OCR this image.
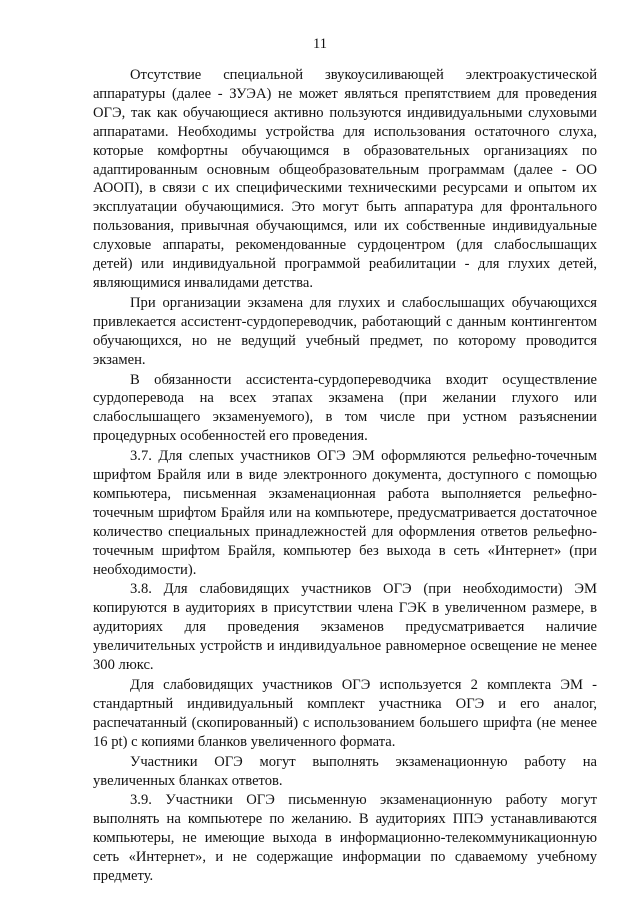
11

Отсутствие специальной звукоусиливающей электроакустической аппаратуры (далее - ЗУЭА) не может являться препятствием для проведения ОГЭ, так как обучающиеся активно пользуются индивидуальными слуховыми аппаратами. Необходимы устройства для использования остаточного слуха, которые комфортны обучающимся в образовательных организациях по адаптированным основным общеобразовательным программам (далее - ОО АООП), в связи с их специфическими техническими ресурсами и опытом их эксплуатации обучающимися. Это могут быть аппаратура для фронтального пользования, привычная обучающимся, или их собственные индивидуальные слуховые аппараты, рекомендованные сурдоцентром (для слабослышащих детей) или индивидуальной программой реабилитации - для глухих детей, являющимися инвалидами детства.

При организации экзамена для глухих и слабослышащих обучающихся привлекается ассистент-сурдопереводчик, работающий с данным контингентом обучающихся, но не ведущий учебный предмет, по которому проводится экзамен.

В обязанности ассистента-сурдопереводчика входит осуществление сурдоперевода на всех этапах экзамена (при желании глухого или слабослышащего экзаменуемого), в том числе при устном разъяснении процедурных особенностей его проведения.

3.7. Для слепых участников ОГЭ ЭМ оформляются рельефно-точечным шрифтом Брайля или в виде электронного документа, доступного с помощью компьютера, письменная экзаменационная работа выполняется рельефно-точечным шрифтом Брайля или на компьютере, предусматривается достаточное количество специальных принадлежностей для оформления ответов рельефно-точечным шрифтом Брайля, компьютер без выхода в сеть «Интернет» (при необходимости).

3.8. Для слабовидящих участников ОГЭ (при необходимости) ЭМ копируются в аудиториях в присутствии члена ГЭК в увеличенном размере, в аудиториях для проведения экзаменов предусматривается наличие увеличительных устройств и индивидуальное равномерное освещение не менее 300 люкс.

Для слабовидящих участников ОГЭ используется 2 комплекта ЭМ - стандартный индивидуальный комплект участника ОГЭ и его аналог, распечатанный (скопированный) с использованием большего шрифта (не менее 16 pt) с копиями бланков увеличенного формата.

Участники ОГЭ могут выполнять экзаменационную работу на увеличенных бланках ответов.

3.9. Участники ОГЭ письменную экзаменационную работу могут выполнять на компьютере по желанию. В аудиториях ППЭ устанавливаются компьютеры, не имеющие выхода в информационно-телекоммуникационную сеть «Интернет», и не содержащие информации по сдаваемому учебному предмету.
